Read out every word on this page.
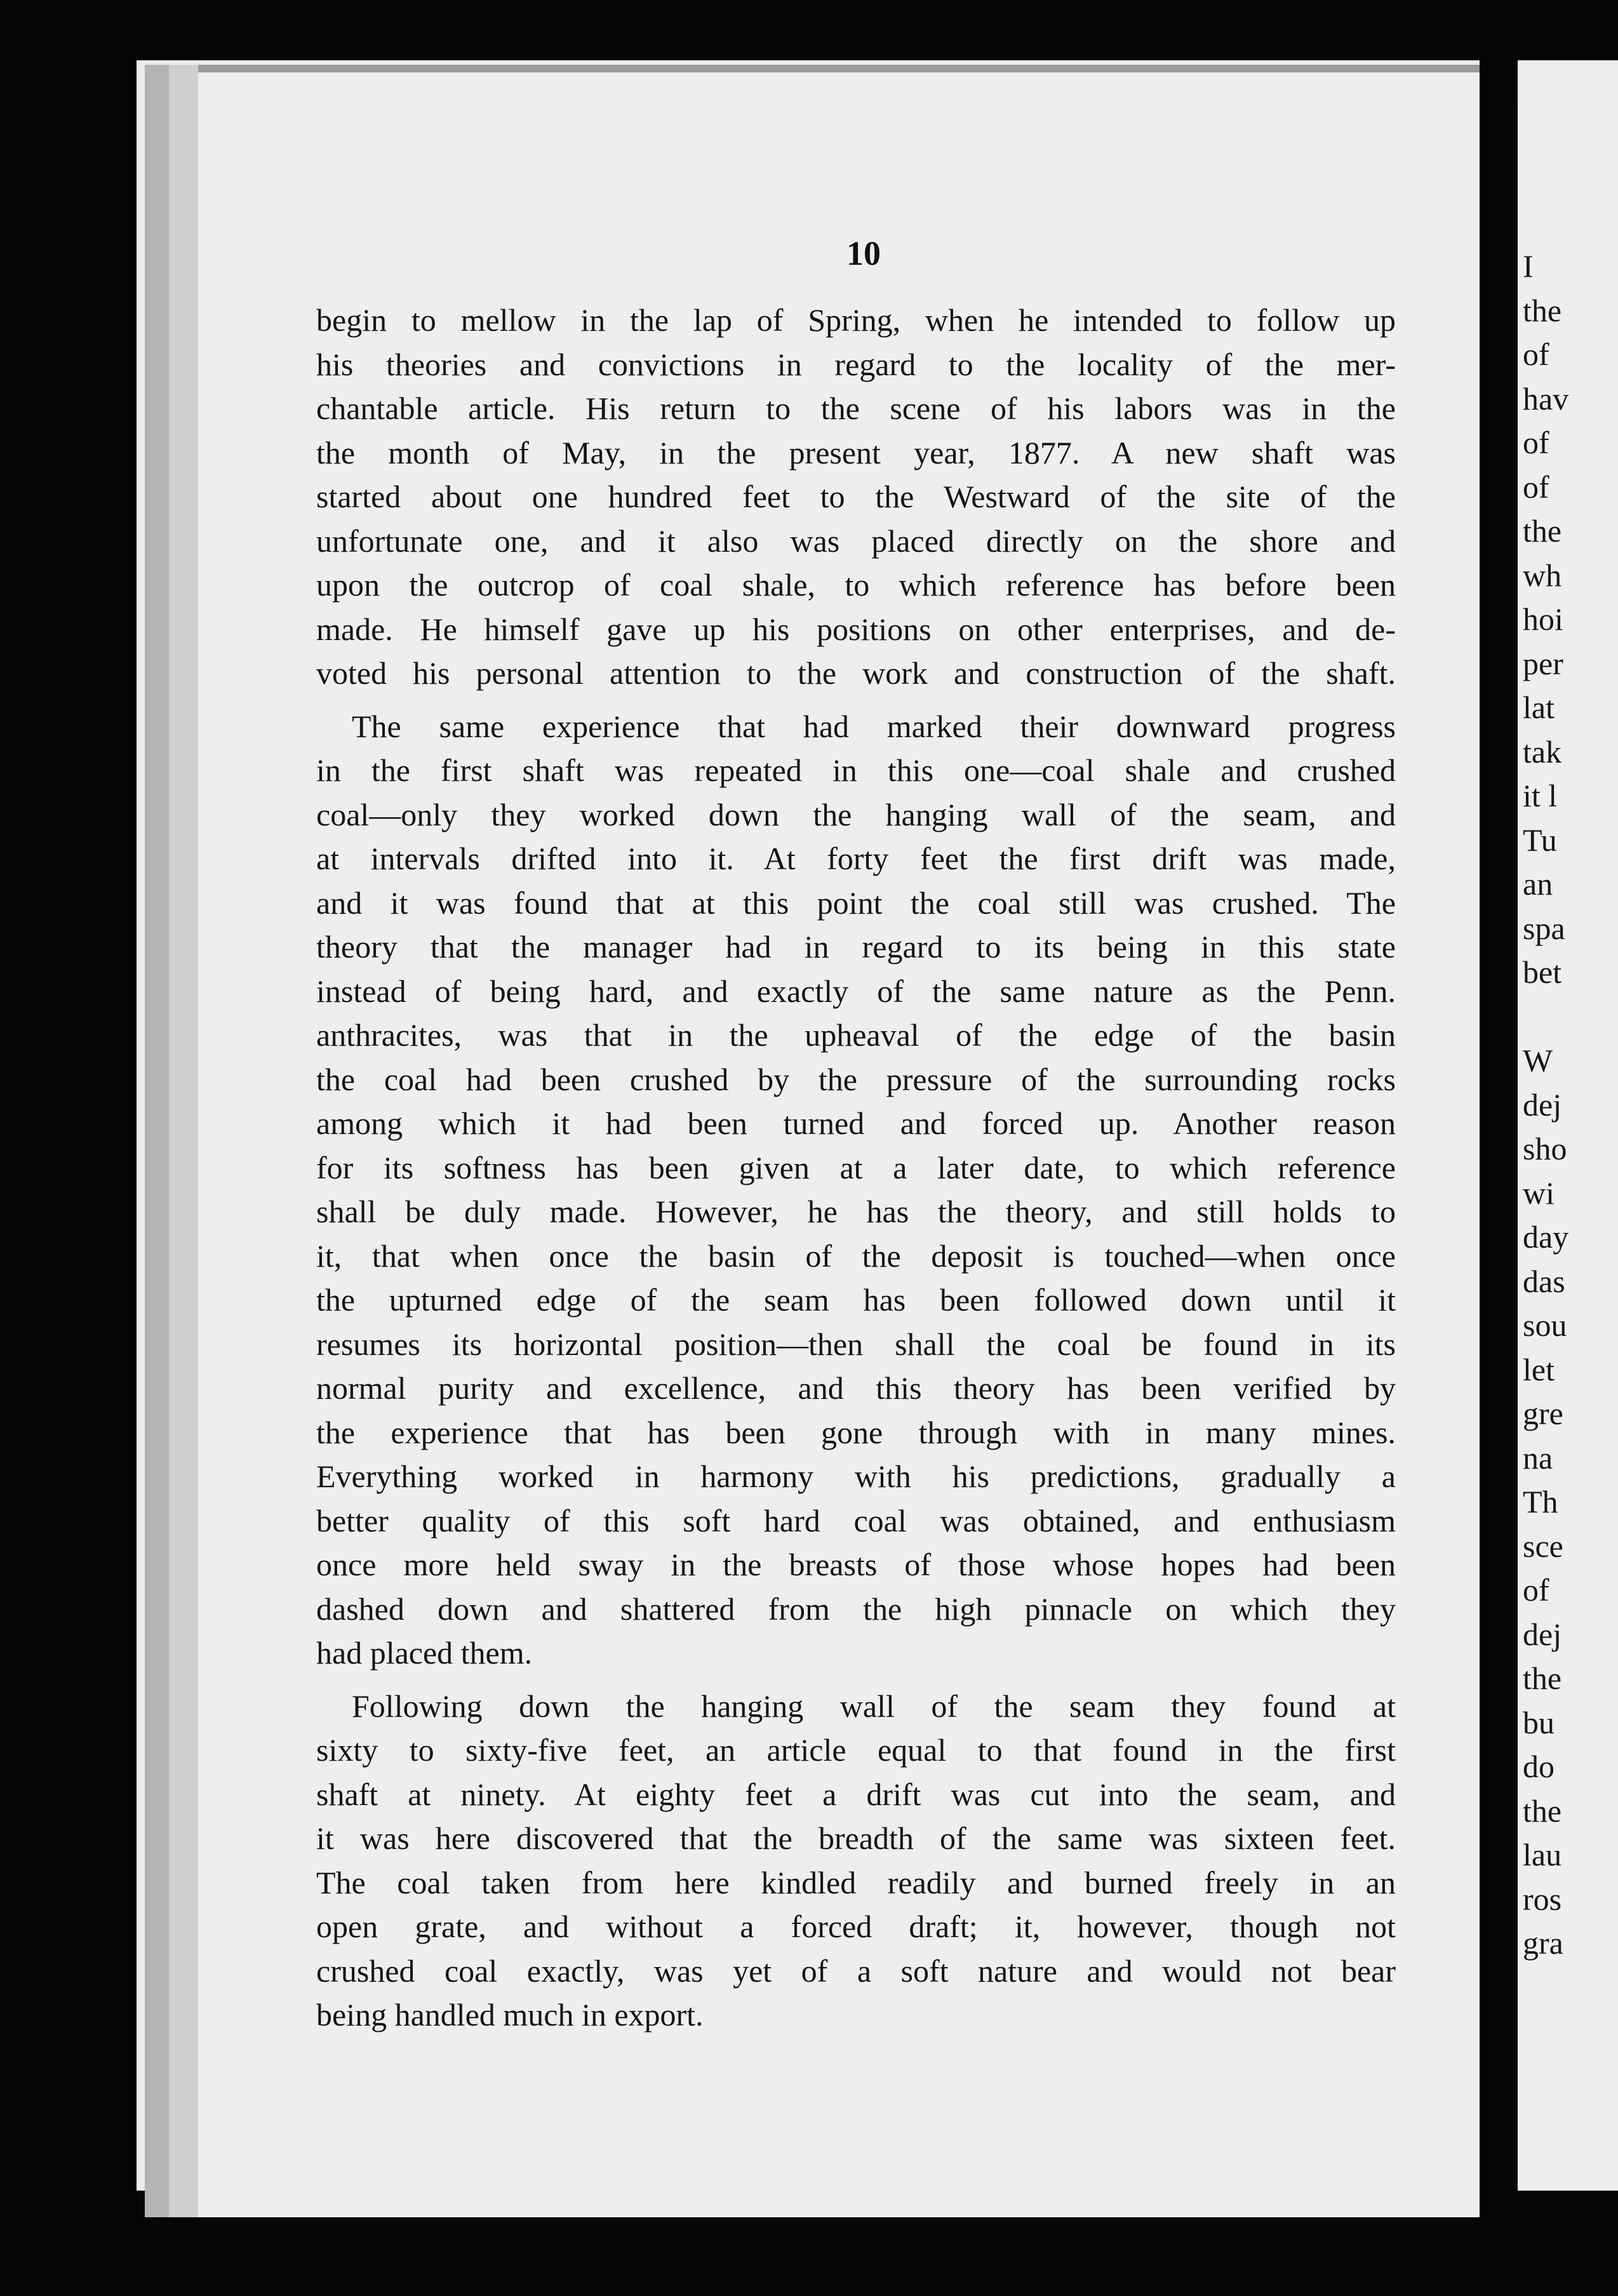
10
begin to mellow in the lap of Spring, when he intended to follow up
his theories and convictions in regard to the locality of the mer-
chantable article. His return to the scene of his labors was in the
the month of May, in the present year, 1877. A new shaft was
started about one hundred feet to the Westward of the site of the
unfortunate one, and it also was placed directly on the shore and
upon the outcrop of coal shale, to which reference has before been
made. He himself gave up his positions on other enterprises, and de-
voted his personal attention to the work and construction of the shaft.
The same experience that had marked their downward progress
in the first shaft was repeated in this one—coal shale and crushed
coal—only they worked down the hanging wall of the seam, and
at intervals drifted into it. At forty feet the first drift was made,
and it was found that at this point the coal still was crushed. The
theory that the manager had in regard to its being in this state
instead of being hard, and exactly of the same nature as the Penn.
anthracites, was that in the upheaval of the edge of the basin
the coal had been crushed by the pressure of the surrounding rocks
among which it had been turned and forced up. Another reason
for its softness has been given at a later date, to which reference
shall be duly made. However, he has the theory, and still holds to
it, that when once the basin of the deposit is touched—when once
the upturned edge of the seam has been followed down until it
resumes its horizontal position—then shall the coal be found in its
normal purity and excellence, and this theory has been verified by
the experience that has been gone through with in many mines.
Everything worked in harmony with his predictions, gradually a
better quality of this soft hard coal was obtained, and enthusiasm
once more held sway in the breasts of those whose hopes had been
dashed down and shattered from the high pinnacle on which they
had placed them.
Following down the hanging wall of the seam they found at
sixty to sixty-five feet, an article equal to that found in the first
shaft at ninety. At eighty feet a drift was cut into the seam, and
it was here discovered that the breadth of the same was sixteen feet.
The coal taken from here kindled readily and burned freely in an
open grate, and without a forced draft; it, however, though not
crushed coal exactly, was yet of a soft nature and would not bear
being handled much in export.
I
the
of
hav
of
of
the
wh
hoi
per
lat
tak
it l
Tu
an
spa
bet
W
dej
sho
wi
day
das
sou
let
gre
na
Th
sce
of
dej
the
bu
do
the
lau
ros
gra
